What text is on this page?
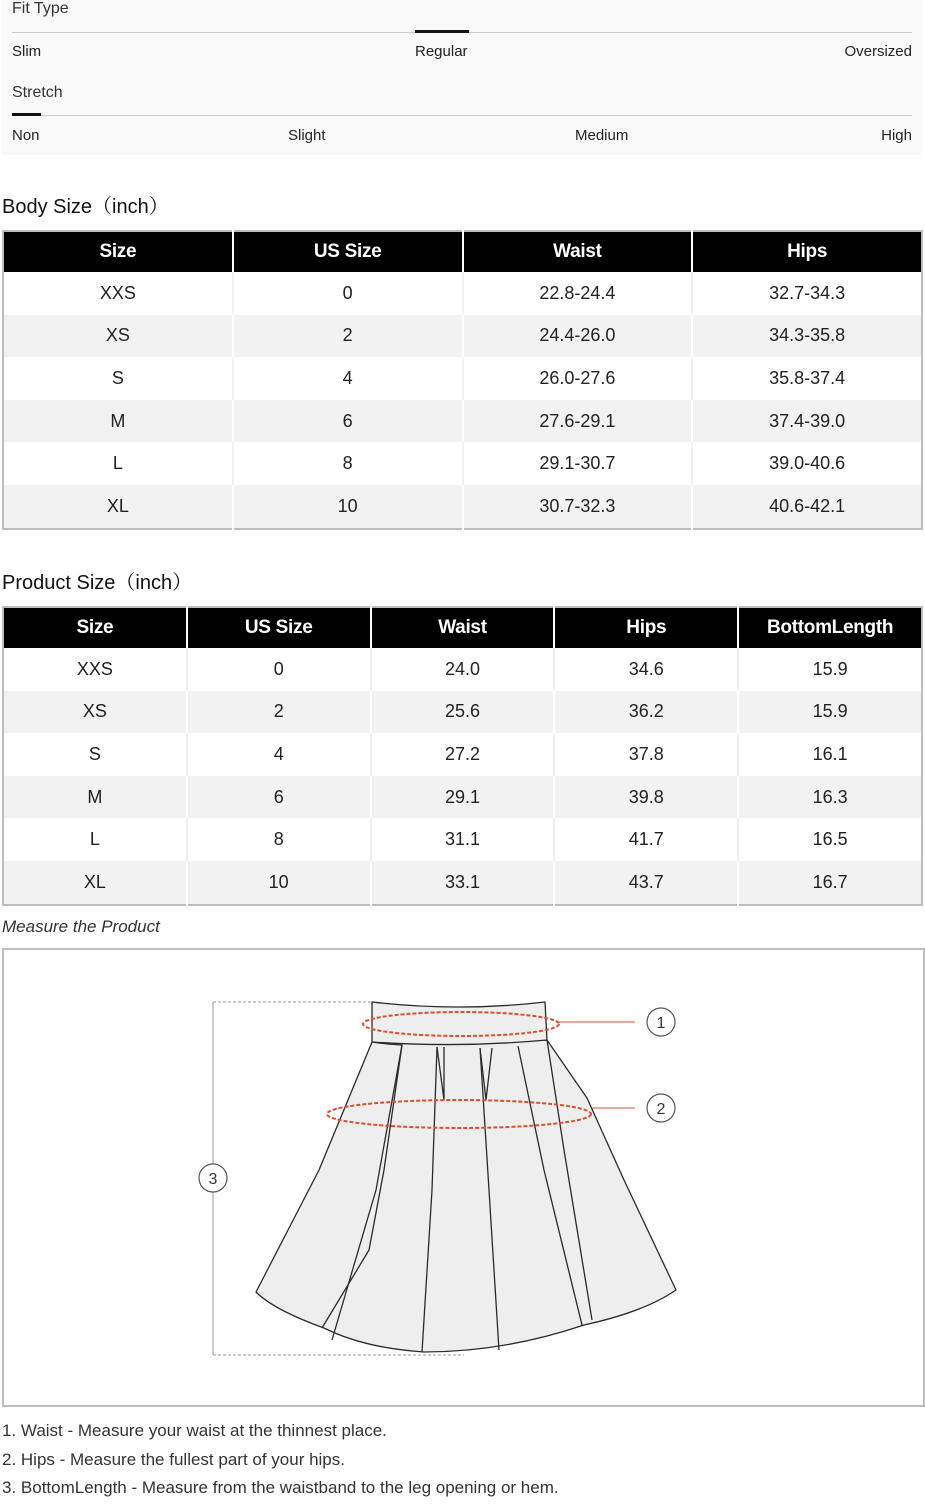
Fit Type
Slim	Regular	Oversized
Stretch
Non	Slight	Medium	High
Body Size（inch）
Size	US Size	Waist	Hips
XXS	0	22.8-24.4	32.7-34.3
XS	2	24.4-26.0	34.3-35.8
S	4	26.0-27.6	35.8-37.4
M	6	27.6-29.1	37.4-39.0
L	8	29.1-30.7	39.0-40.6
XL	10	30.7-32.3	40.6-42.1
Product Size（inch）
Size	US Size	Waist	Hips	BottomLength
XXS	0	24.0	34.6	15.9
XS	2	25.6	36.2	15.9
S	4	27.2	37.8	16.1
M	6	29.1	39.8	16.3
L	8	31.1	41.7	16.5
XL	10	33.1	43.7	16.7
Measure the Product
1
2
3
1. Waist - Measure your waist at the thinnest place.
2. Hips - Measure the fullest part of your hips.
3. BottomLength - Measure from the waistband to the leg opening or hem.
